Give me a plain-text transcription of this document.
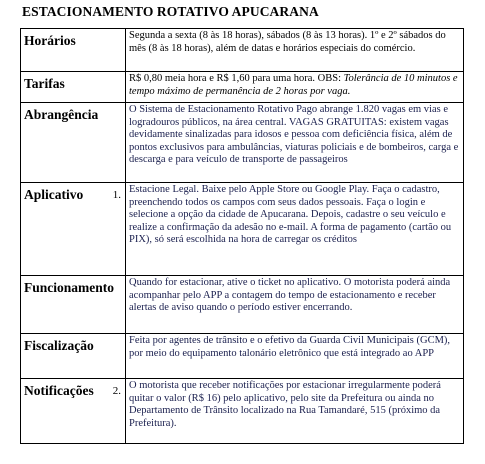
ESTACIONAMENTO ROTATIVO APUCARANA
Horários	Segunda a sexta (8 às 18 horas), sábados (8 às 13 horas). 1º e 2º sábados do mês (8 às 18 horas), além de datas e horários especiais do comércio.
Tarifas	R$ 0,80 meia hora e R$ 1,60 para uma hora. OBS: Tolerância de 10 minutos e tempo máximo de permanência de 2 horas por vaga.
Abrangência	O Sistema de Estacionamento Rotativo Pago abrange 1.820 vagas em vias e logradouros públicos, na área central. VAGAS GRATUITAS: existem vagas devidamente sinalizadas para idosos e pessoa com deficiência física, além de pontos exclusivos para ambulâncias, viaturas policiais e de bombeiros, carga e descarga e para veículo de transporte de passageiros
Aplicativo 1.	Estacione Legal. Baixe pelo Apple Store ou Google Play. Faça o cadastro, preenchendo todos os campos com seus dados pessoais. Faça o login e selecione a opção da cidade de Apucarana. Depois, cadastre o seu veículo e realize a confirmação da adesão no e-mail. A forma de pagamento (cartão ou PIX), só será escolhida na hora de carregar os créditos
Funcionamento	Quando for estacionar, ative o ticket no aplicativo. O motorista poderá ainda acompanhar pelo APP a contagem do tempo de estacionamento e receber alertas de aviso quando o período estiver encerrando.
Fiscalização	Feita por agentes de trânsito e o efetivo da Guarda Civil Municipais (GCM), por meio do equipamento talonário eletrônico que está integrado ao APP
Notificações 2.	O motorista que receber notificações por estacionar irregularmente poderá quitar o valor (R$ 16) pelo aplicativo, pelo site da Prefeitura ou ainda no Departamento de Trânsito localizado na Rua Tamandaré, 515 (próximo da Prefeitura).
